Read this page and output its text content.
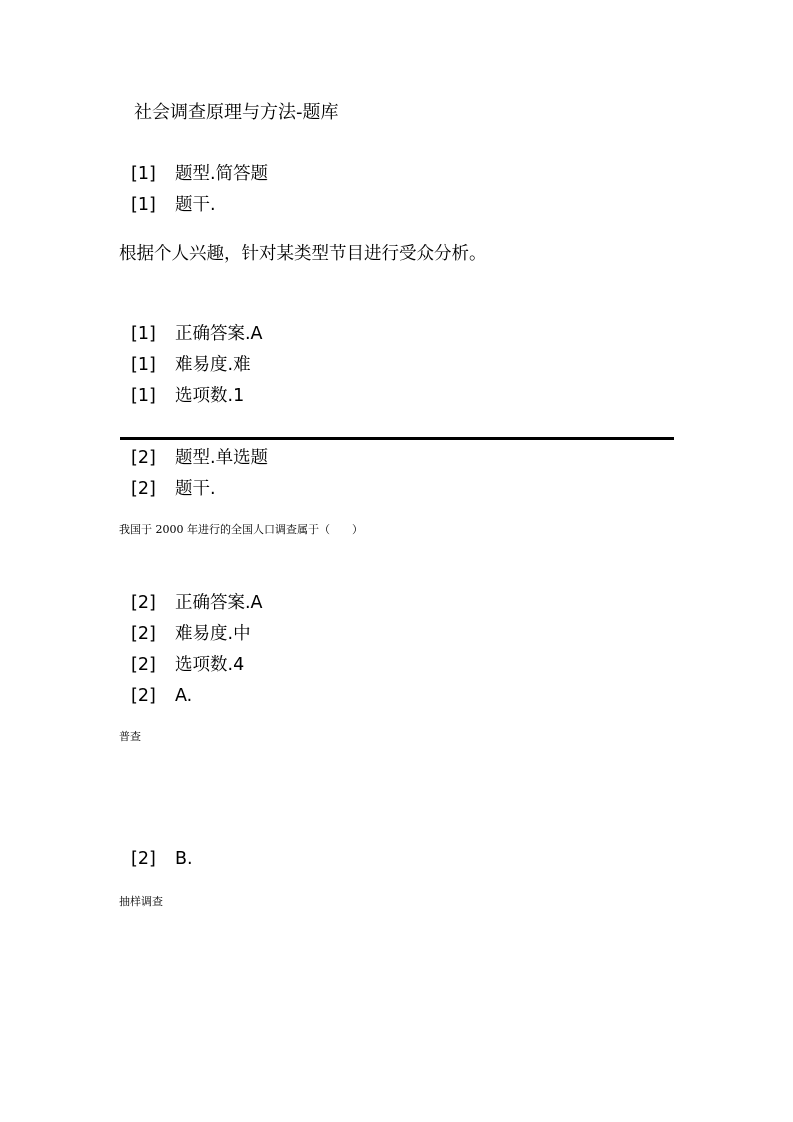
社会调查原理与方法-题库
[1] 题型.简答题
[1] 题干.
根据个人兴趣，针对某类型节目进行受众分析。
[1] 正确答案.A
[1] 难易度.难
[1] 选项数.1
[2] 题型.单选题
[2] 题干.
我国于 2000 年进行的全国人口调查属于（　　）
[2] 正确答案.A
[2] 难易度.中
[2] 选项数.4
[2] A.
普查
[2] B.
抽样调查
